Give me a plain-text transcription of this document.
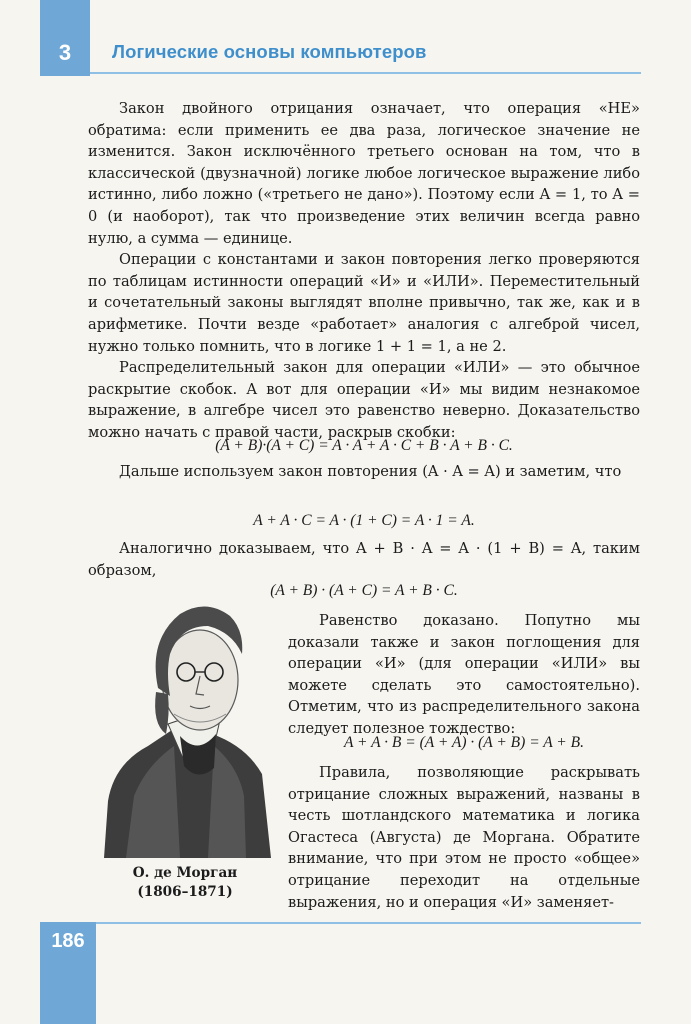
3 Логические основы компьютеров

Закон двойного отрицания означает, что операция «НЕ» обратима: если применить ее два раза, логическое значение не изменится. Закон исключённого третьего основан на том, что в классической (двузначной) логике любое логическое выражение либо истинно, либо ложно («третьего не дано»). Поэтому если A = 1, то A = 0 (и наоборот), так что произведение этих величин всегда равно нулю, а сумма — единице.

Операции с константами и закон повторения легко проверяются по таблицам истинности операций «И» и «ИЛИ». Переместительный и сочетательный законы выглядят вполне привычно, так же, как и в арифметике. Почти везде «работает» аналогия с алгеброй чисел, нужно только помнить, что в логике 1 + 1 = 1, а не 2.

Распределительный закон для операции «ИЛИ» — это обычное раскрытие скобок. А вот для операции «И» мы видим незнакомое выражение, в алгебре чисел это равенство неверно. Доказательство можно начать с правой части, раскрыв скобки:

(A + B)·(A + C) = A · A + A · C + B · A + B · C.

Дальше используем закон повторения (A · A = A) и заметим, что

A + A · C = A · (1 + C) = A · 1 = A.

Аналогично доказываем, что A + B · A = A · (1 + B) = A, таким образом,

(A + B) · (A + C) = A + B · C.
О. де Морган
(1806–1871)

Равенство доказано. Попутно мы доказали также и закон поглощения для операции «И» (для операции «ИЛИ» вы можете сделать это самостоятельно). Отметим, что из распределительного закона следует полезное тождество:

A + A · B = (A + A) · (A + B) = A + B.

Правила, позволяющие раскрывать отрицание сложных выражений, названы в честь шотландского математика и логика Огастеса (Августа) де Моргана. Обратите внимание, что при этом не просто «общее» отрицание переходит на отдельные выражения, но и операция «И» заменяет-

186
